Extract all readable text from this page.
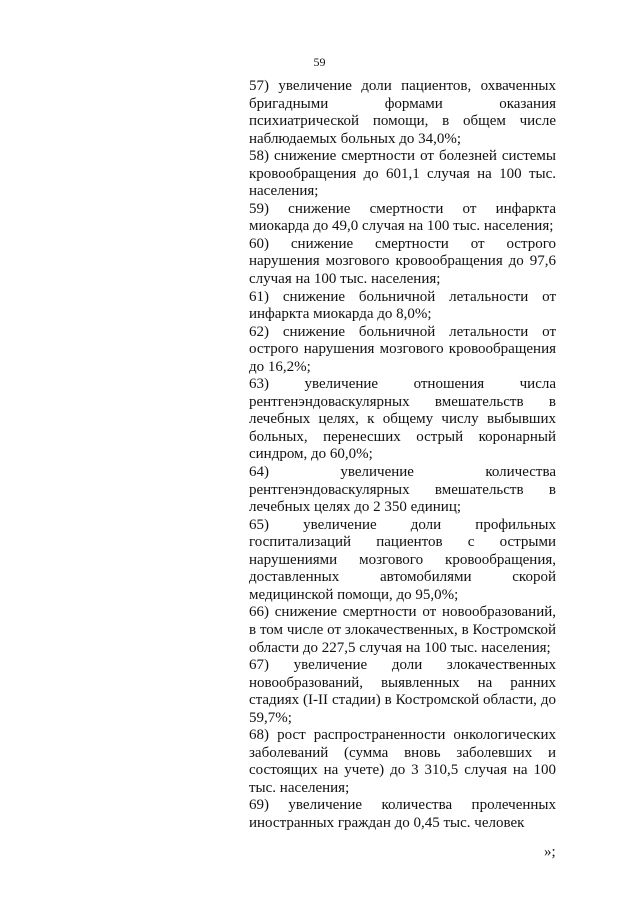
59

57) увеличение доли пациентов, охваченных бригадными формами оказания психиатрической помощи, в общем числе наблюдаемых больных до 34,0%;

58) снижение смертности от болезней системы кровообращения до 601,1 случая на 100 тыс. населения;

59) снижение смертности от инфаркта миокарда до 49,0 случая на 100 тыс. населения;

60) снижение смертности от острого нарушения мозгового кровообращения до 97,6 случая на 100 тыс. населения;

61) снижение больничной летальности от инфаркта миокарда до 8,0%;

62) снижение больничной летальности от острого нарушения мозгового кровообращения до 16,2%;

63) увеличение отношения числа рентгенэндоваскулярных вмешательств в лечебных целях, к общему числу выбывших больных, перенесших острый коронарный синдром, до 60,0%;

64) увеличение количества рентгенэндоваскулярных вмешательств в лечебных целях до 2 350 единиц;

65) увеличение доли профильных госпитализаций пациентов с острыми нарушениями мозгового кровообращения, доставленных автомобилями скорой медицинской помощи, до 95,0%;

66) снижение смертности от новообразований, в том числе от злокачественных, в Костромской области до 227,5 случая на 100 тыс. населения;

67) увеличение доли злокачественных новообразований, выявленных на ранних стадиях (I-II стадии) в Костромской области, до 59,7%;

68) рост распространенности онкологических заболеваний (сумма вновь заболевших и состоящих на учете) до 3 310,5 случая на 100 тыс. населения;

69) увеличение количества пролеченных иностранных граждан до 0,45 тыс. человек

»;
